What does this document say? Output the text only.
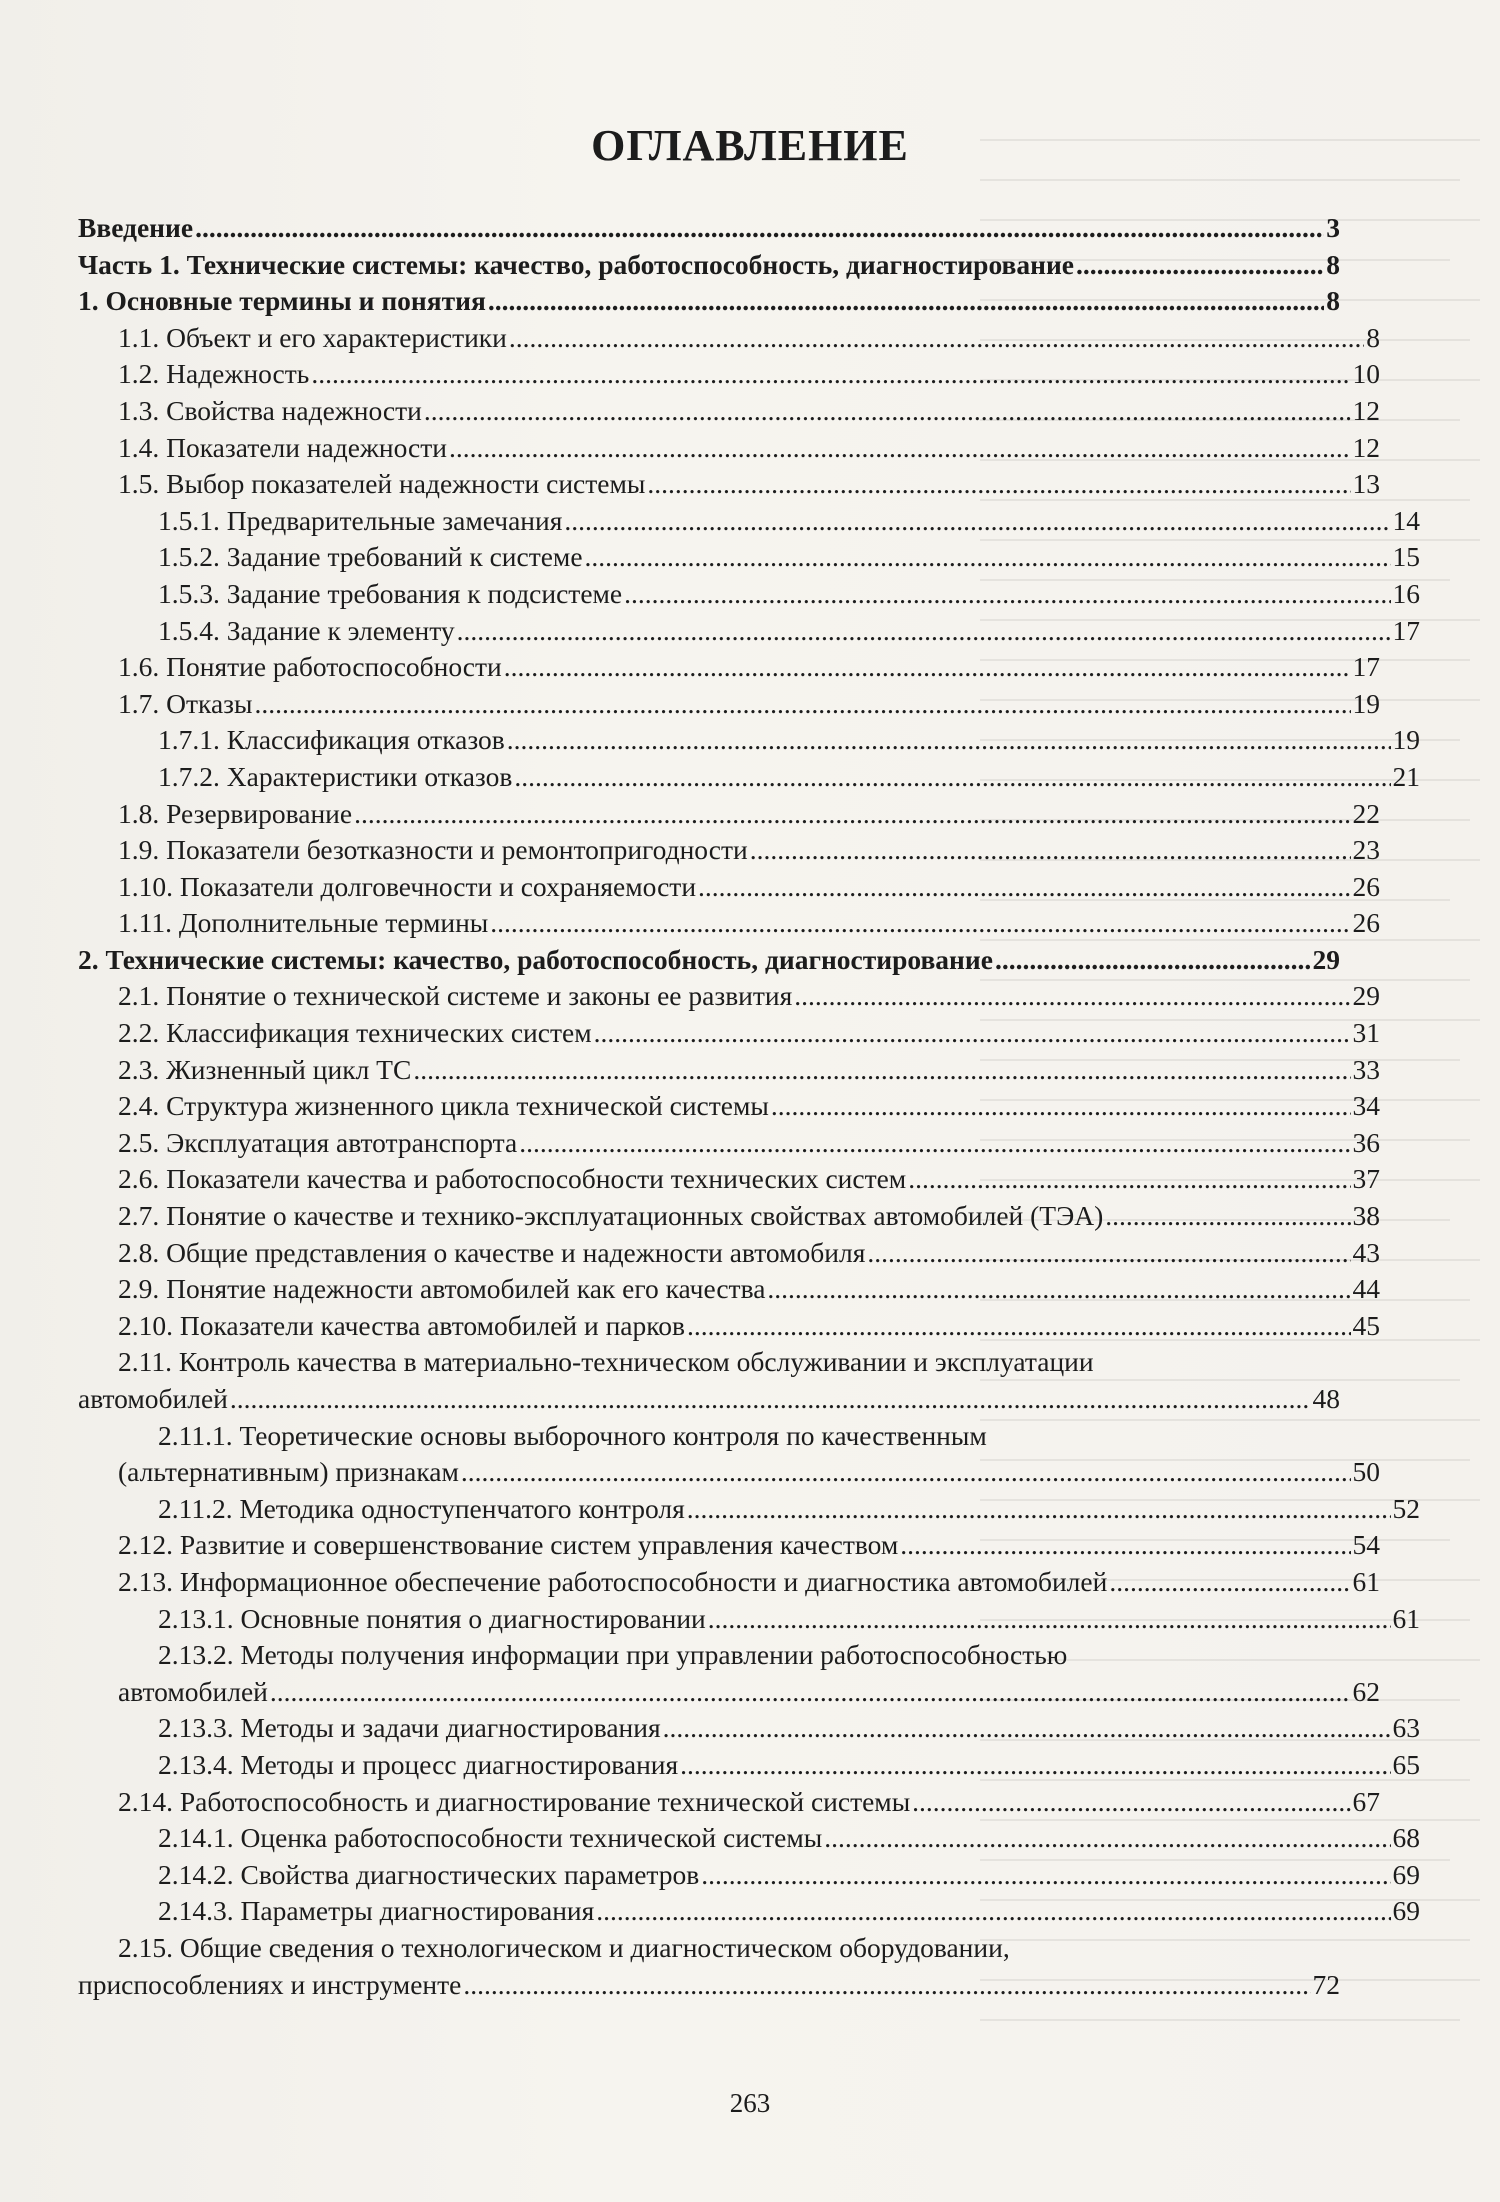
ОГЛАВЛЕНИЕ
Введение .....	3
Часть 1. Технические системы: качество, работоспособность, диагностирование .....	8
1. Основные термины и понятия .....	8
1.1. Объект и его характеристики .....	8
1.2. Надежность .....	10
1.3. Свойства надежности .....	12
1.4. Показатели надежности .....	12
1.5. Выбор показателей надежности системы .....	13
1.5.1. Предварительные замечания .....	14
1.5.2. Задание требований к системе .....	15
1.5.3. Задание требования к подсистеме .....	16
1.5.4. Задание к элементу .....	17
1.6. Понятие работоспособности .....	17
1.7. Отказы .....	19
1.7.1. Классификация отказов .....	19
1.7.2. Характеристики отказов .....	21
1.8. Резервирование .....	22
1.9. Показатели безотказности и ремонтопригодности .....	23
1.10. Показатели долговечности и сохраняемости .....	26
1.11. Дополнительные термины .....	26
2. Технические системы: качество, работоспособность, диагностирование .....	29
2.1. Понятие о технической системе и законы ее развития .....	29
2.2. Классификация технических систем .....	31
2.3. Жизненный цикл ТС .....	33
2.4. Структура жизненного цикла технической системы .....	34
2.5. Эксплуатация автотранспорта .....	36
2.6. Показатели качества и работоспособности технических систем .....	37
2.7. Понятие о качестве и технико-эксплуатационных свойствах автомобилей (ТЭА) .....	38
2.8. Общие представления о качестве и надежности автомобиля .....	43
2.9. Понятие надежности автомобилей как его качества .....	44
2.10. Показатели качества автомобилей и парков .....	45
2.11. Контроль качества в материально-техническом обслуживании и эксплуатации
автомобилей .....	48
2.11.1. Теоретические основы выборочного контроля по качественным
(альтернативным) признакам .....	50
2.11.2. Методика одноступенчатого контроля .....	52
2.12. Развитие и совершенствование систем управления качеством .....	54
2.13. Информационное обеспечение работоспособности и диагностика автомобилей .....	61
2.13.1. Основные понятия о диагностировании .....	61
2.13.2. Методы получения информации при управлении работоспособностью
автомобилей .....	62
2.13.3. Методы и задачи диагностирования .....	63
2.13.4. Методы и процесс диагностирования .....	65
2.14. Работоспособность и диагностирование технической системы .....	67
2.14.1. Оценка работоспособности технической системы .....	68
2.14.2. Свойства диагностических параметров .....	69
2.14.3. Параметры диагностирования .....	69
2.15. Общие сведения о технологическом и диагностическом оборудовании,
приспособлениях и инструменте .....	72
263
